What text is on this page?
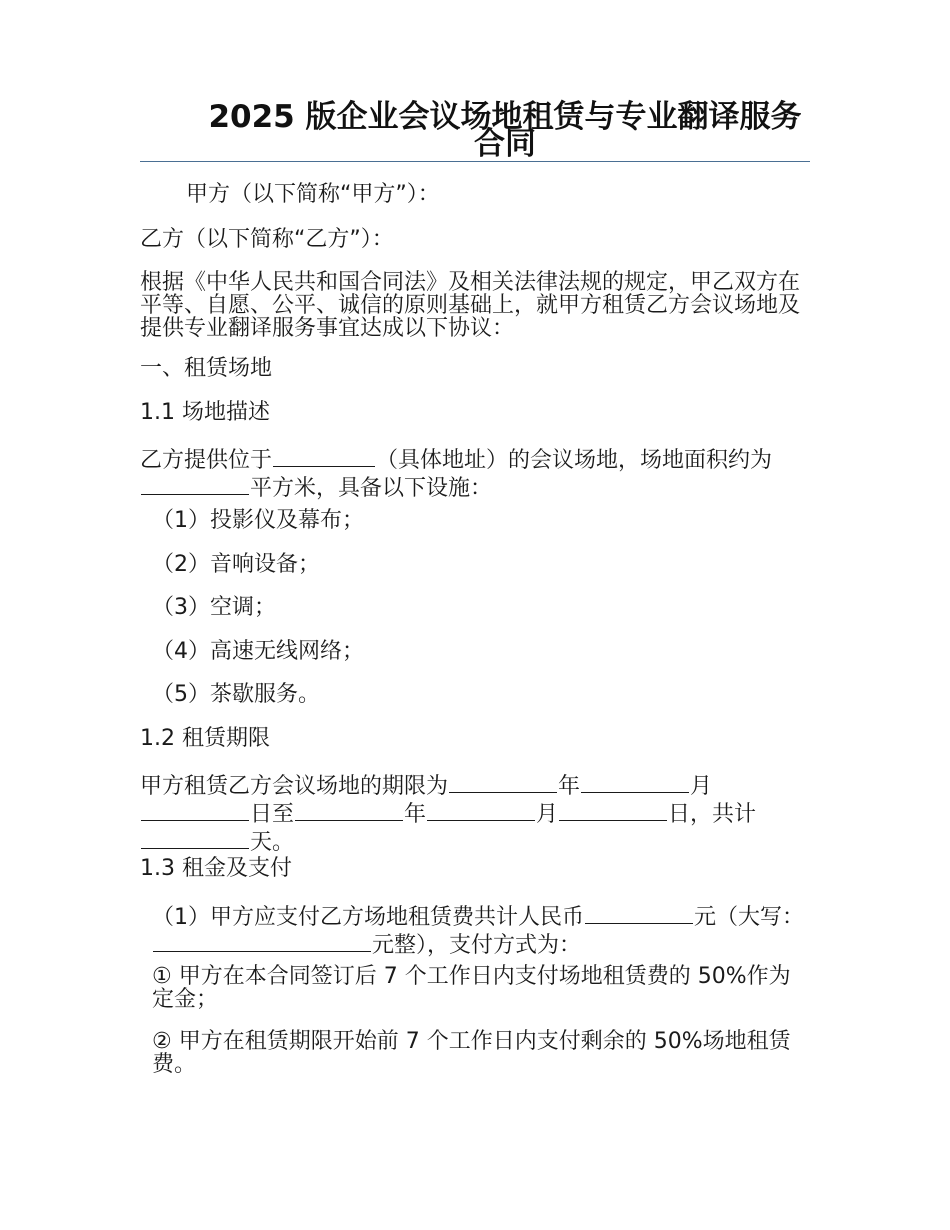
2025 版企业会议场地租赁与专业翻译服务合同

甲方（以下简称“甲方”）：

乙方（以下简称“乙方”）：

根据《中华人民共和国合同法》及相关法律法规的规定，甲乙双方在平等、自愿、公平、诚信的原则基础上，就甲方租赁乙方会议场地及提供专业翻译服务事宜达成以下协议：

一、租赁场地

1.1 场地描述

乙方提供位于	（具体地址）的会议场地，场地面积约为平方米，具备以下设施：

（1）投影仪及幕布；

（2）音响设备；

（3）空调；

（4）高速无线网络；

（5）茶歇服务。

1.2 租赁期限

甲方租赁乙方会议场地的期限为	年	月日至	年	月	日，共计天。

1.3 租金及支付

（1）甲方应支付乙方场地租赁费共计人民币	元（大写：元整），支付方式为：

① 甲方在本合同签订后 7 个工作日内支付场地租赁费的 50%作为定金；

② 甲方在租赁期限开始前 7 个工作日内支付剩余的 50%场地租赁费。
